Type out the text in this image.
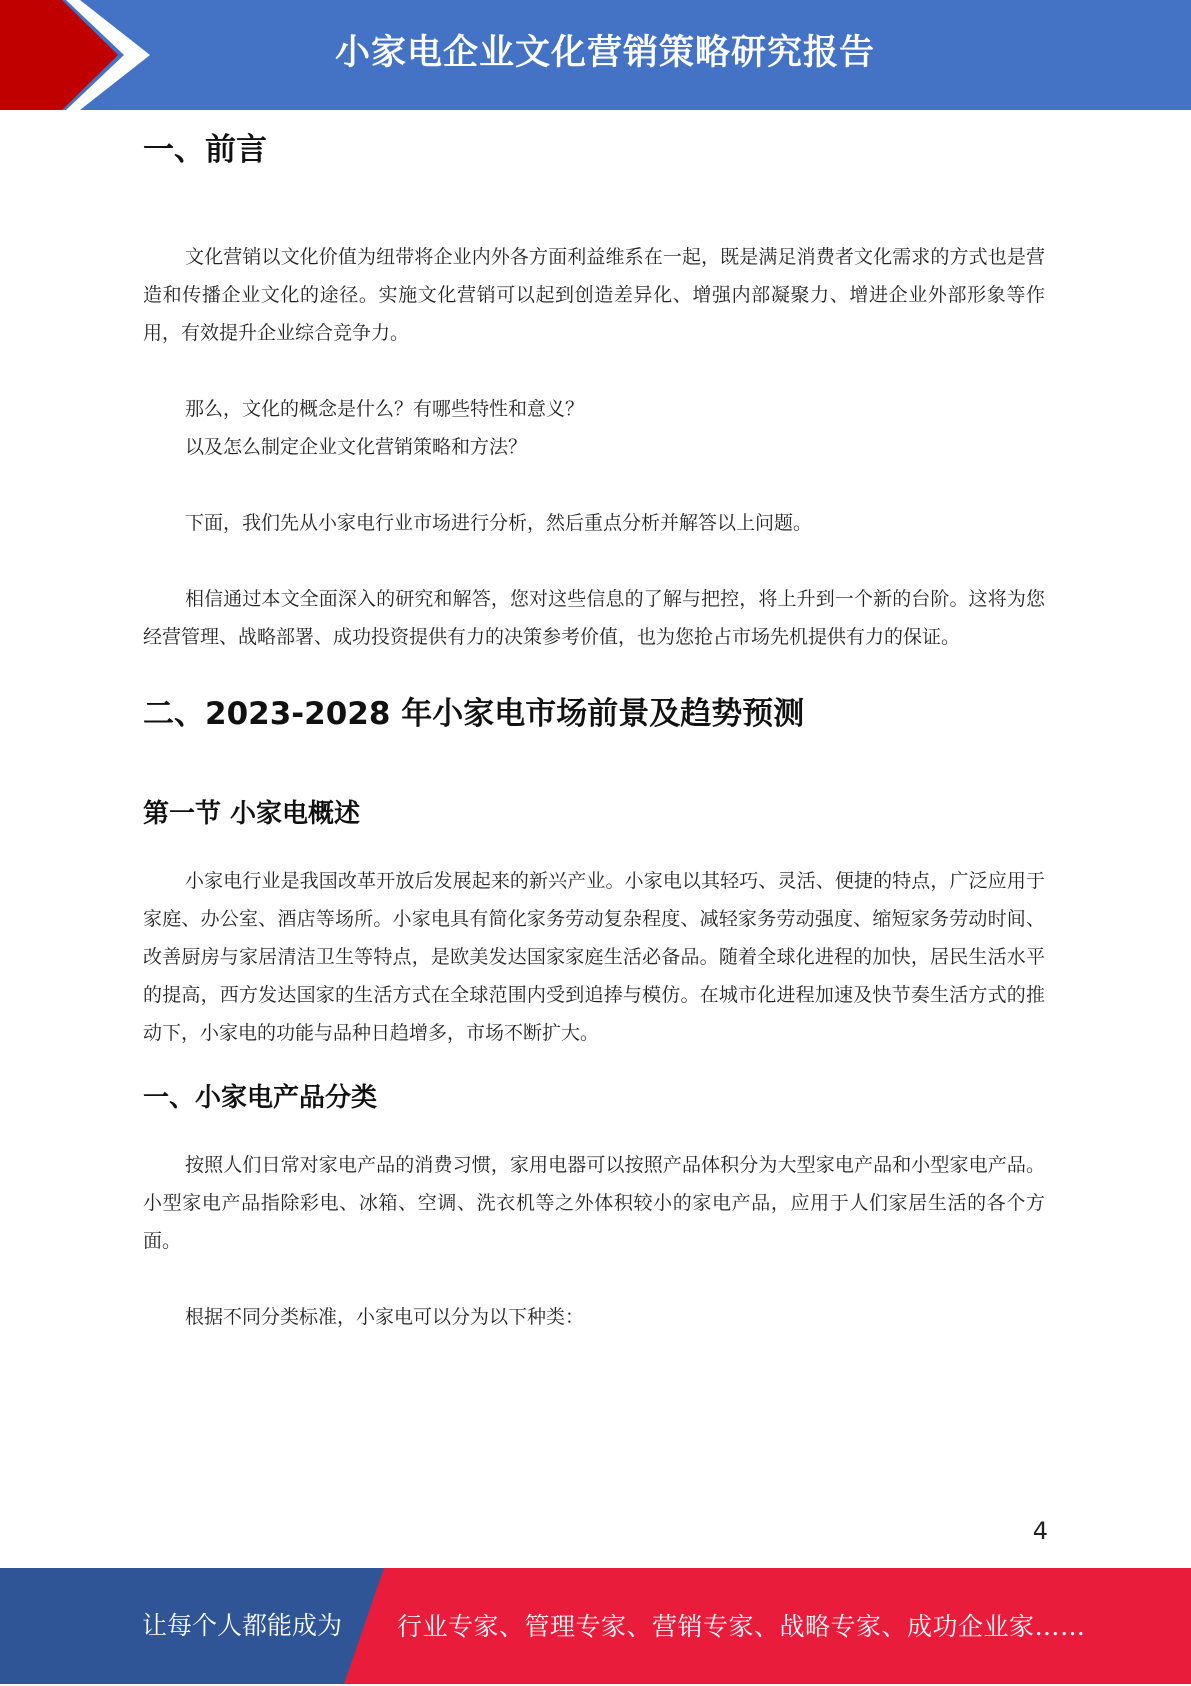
小家电企业文化营销策略研究报告
一、前言

文化营销以文化价值为纽带将企业内外各方面利益维系在一起，既是满足消费者文化需求的方式也是营造和传播企业文化的途径。实施文化营销可以起到创造差异化、增强内部凝聚力、增进企业外部形象等作用，有效提升企业综合竞争力。

那么，文化的概念是什么？有哪些特性和意义？

以及怎么制定企业文化营销策略和方法？

下面，我们先从小家电行业市场进行分析，然后重点分析并解答以上问题。

相信通过本文全面深入的研究和解答，您对这些信息的了解与把控，将上升到一个新的台阶。这将为您经营管理、战略部署、成功投资提供有力的决策参考价值，也为您抢占市场先机提供有力的保证。

二、2023-2028 年小家电市场前景及趋势预测
第一节 小家电概述

小家电行业是我国改革开放后发展起来的新兴产业。小家电以其轻巧、灵活、便捷的特点，广泛应用于家庭、办公室、酒店等场所。小家电具有简化家务劳动复杂程度、减轻家务劳动强度、缩短家务劳动时间、改善厨房与家居清洁卫生等特点，是欧美发达国家家庭生活必备品。随着全球化进程的加快，居民生活水平的提高，西方发达国家的生活方式在全球范围内受到追捧与模仿。在城市化进程加速及快节奏生活方式的推动下，小家电的功能与品种日趋增多，市场不断扩大。

一、小家电产品分类

按照人们日常对家电产品的消费习惯，家用电器可以按照产品体积分为大型家电产品和小型家电产品。小型家电产品指除彩电、冰箱、空调、洗衣机等之外体积较小的家电产品，应用于人们家居生活的各个方面。

根据不同分类标准，小家电可以分为以下种类：

4
让每个人都能成为 行业专家、管理专家、营销专家、战略专家、成功企业家……
